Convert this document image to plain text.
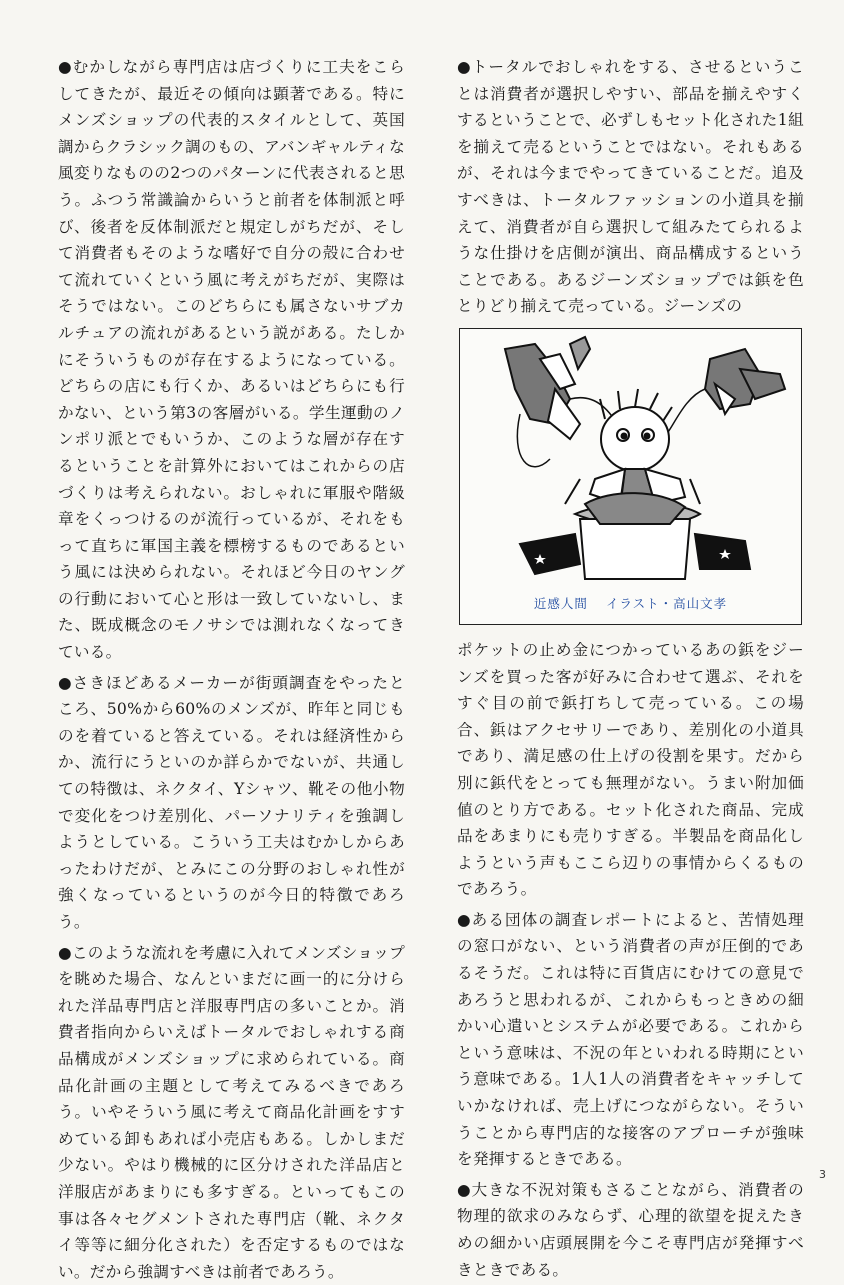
●むかしながら専門店は店づくりに工夫をこらしてきたが、最近その傾向は顕著である。特にメンズショップの代表的スタイルとして、英国調からクラシック調のもの、アバンギャルティな風変りなものの2つのパターンに代表されると思う。ふつう常識論からいうと前者を体制派と呼び、後者を反体制派だと規定しがちだが、そして消費者もそのような嗜好で自分の殻に合わせて流れていくという風に考えがちだが、実際はそうではない。このどちらにも属さないサブカルチュアの流れがあるという説がある。たしかにそういうものが存在するようになっている。どちらの店にも行くか、あるいはどちらにも行かない、という第3の客層がいる。学生運動のノンポリ派とでもいうか、このような層が存在するということを計算外においてはこれからの店づくりは考えられない。おしゃれに軍服や階級章をくっつけるのが流行っているが、それをもって直ちに軍国主義を標榜するものであるという風には決められない。それほど今日のヤングの行動において心と形は一致していないし、また、既成概念のモノサシでは測れなくなってきている。

●さきほどあるメーカーが街頭調査をやったところ、50%から60%のメンズが、昨年と同じものを着ていると答えている。それは経済性からか、流行にうといのか詳らかでないが、共通しての特徴は、ネクタイ、Yシャツ、靴その他小物で変化をつけ差別化、パーソナリティを強調しようとしている。こういう工夫はむかしからあったわけだが、とみにこの分野のおしゃれ性が強くなっているというのが今日的特徴であろう。

●このような流れを考慮に入れてメンズショップを眺めた場合、なんといまだに画一的に分けられた洋品専門店と洋服専門店の多いことか。消費者指向からいえばトータルでおしゃれする商品構成がメンズショップに求められている。商品化計画の主題として考えてみるべきであろう。いやそういう風に考えて商品化計画をすすめている卸もあれば小売店もある。しかしまだ少ない。やはり機械的に区分けされた洋品店と洋服店があまりにも多すぎる。といってもこの事は各々セグメントされた専門店（靴、ネクタイ等等に細分化された）を否定するものではない。だから強調すべきは前者であろう。

●トータルでおしゃれをする、させるということは消費者が選択しやすい、部品を揃えやすくするということで、必ずしもセット化された1組を揃えて売るということではない。それもあるが、それは今までやってきていることだ。追及すべきは、トータルファッションの小道具を揃えて、消費者が自ら選択して組みたてられるような仕掛けを店側が演出、商品構成するということである。あるジーンズショップでは鋲を色とりどり揃えて売っている。ジーンズの

近感人間 イラスト・高山文孝

ポケットの止め金につかっているあの鋲をジーンズを買った客が好みに合わせて選ぶ、それをすぐ目の前で鋲打ちして売っている。この場合、鋲はアクセサリーであり、差別化の小道具であり、満足感の仕上げの役割を果す。だから別に鋲代をとっても無理がない。うまい附加価値のとり方である。セット化された商品、完成品をあまりにも売りすぎる。半製品を商品化しようという声もここら辺りの事情からくるものであろう。

●ある団体の調査レポートによると、苦情処理の窓口がない、という消費者の声が圧倒的であるそうだ。これは特に百貨店にむけての意見であろうと思われるが、これからもっときめの細かい心遣いとシステムが必要である。これからという意味は、不況の年といわれる時期にという意味である。1人1人の消費者をキャッチしていかなければ、売上げにつながらない。そういうことから専門店的な接客のアプローチが強味を発揮するときである。

●大きな不況対策もさることながら、消費者の物理的欲求のみならず、心理的欲望を捉えたきめの細かい店頭展開を今こそ専門店が発揮すべきときである。

3
